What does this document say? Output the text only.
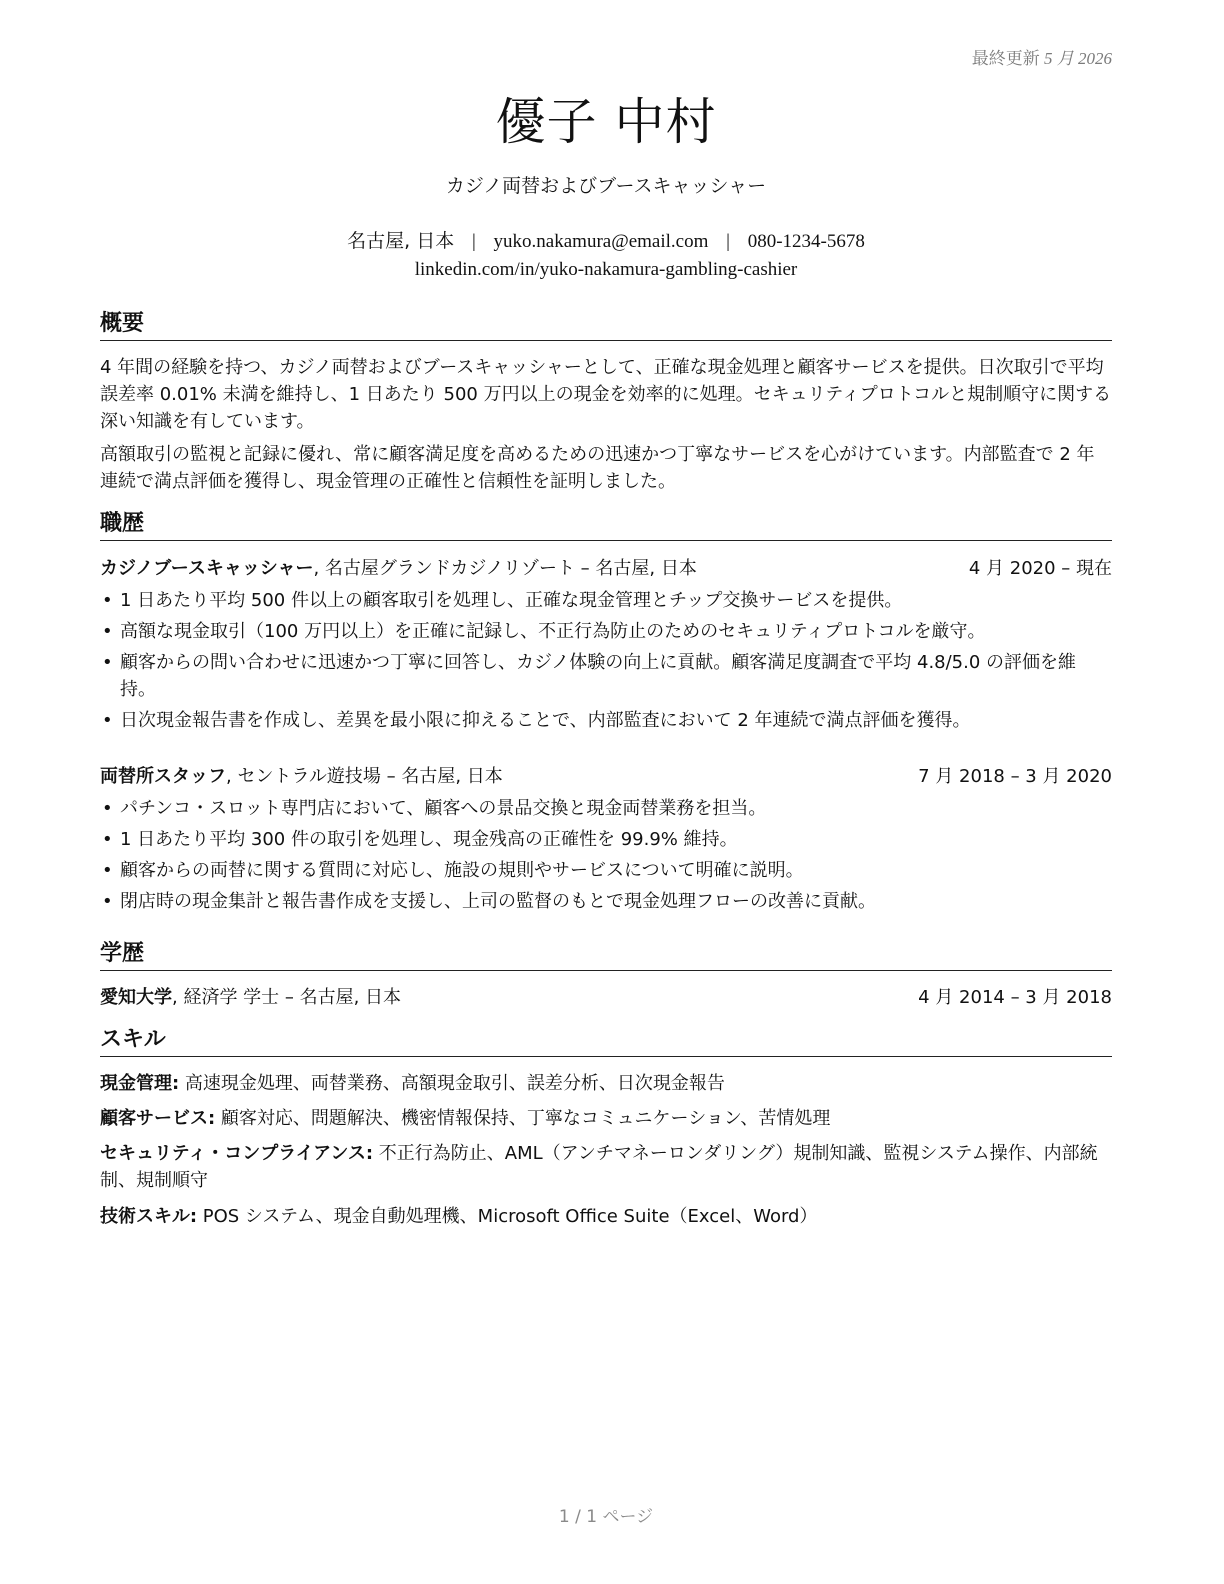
最終更新 5 月 2026
優子 中村
カジノ両替およびブースキャッシャー
名古屋, 日本 | yuko.nakamura@email.com | 080-1234-5678
linkedin.com/in/yuko-nakamura-gambling-cashier
概要
4 年間の経験を持つ、カジノ両替およびブースキャッシャーとして、正確な現金処理と顧客サービスを提供。日次取引で平均誤差率 0.01% 未満を維持し、1 日あたり 500 万円以上の現金を効率的に処理。セキュリティプロトコルと規制順守に関する深い知識を有しています。
高額取引の監視と記録に優れ、常に顧客満足度を高めるための迅速かつ丁寧なサービスを心がけています。内部監査で 2 年連続で満点評価を獲得し、現金管理の正確性と信頼性を証明しました。
職歴
カジノブースキャッシャー, 名古屋グランドカジノリゾート – 名古屋, 日本	4 月 2020 – 現在
• 1 日あたり平均 500 件以上の顧客取引を処理し、正確な現金管理とチップ交換サービスを提供。
• 高額な現金取引（100 万円以上）を正確に記録し、不正行為防止のためのセキュリティプロトコルを厳守。
• 顧客からの問い合わせに迅速かつ丁寧に回答し、カジノ体験の向上に貢献。顧客満足度調査で平均 4.8/5.0 の評価を維持。
• 日次現金報告書を作成し、差異を最小限に抑えることで、内部監査において 2 年連続で満点評価を獲得。
両替所スタッフ, セントラル遊技場 – 名古屋, 日本	7 月 2018 – 3 月 2020
• パチンコ・スロット専門店において、顧客への景品交換と現金両替業務を担当。
• 1 日あたり平均 300 件の取引を処理し、現金残高の正確性を 99.9% 維持。
• 顧客からの両替に関する質問に対応し、施設の規則やサービスについて明確に説明。
• 閉店時の現金集計と報告書作成を支援し、上司の監督のもとで現金処理フローの改善に貢献。
学歴
愛知大学, 経済学 学士 – 名古屋, 日本	4 月 2014 – 3 月 2018
スキル
現金管理: 高速現金処理、両替業務、高額現金取引、誤差分析、日次現金報告
顧客サービス: 顧客対応、問題解決、機密情報保持、丁寧なコミュニケーション、苦情処理
セキュリティ・コンプライアンス: 不正行為防止、AML（アンチマネーロンダリング）規制知識、監視システム操作、内部統制、規制順守
技術スキル: POS システム、現金自動処理機、Microsoft Office Suite（Excel、Word）
1 / 1 ページ
